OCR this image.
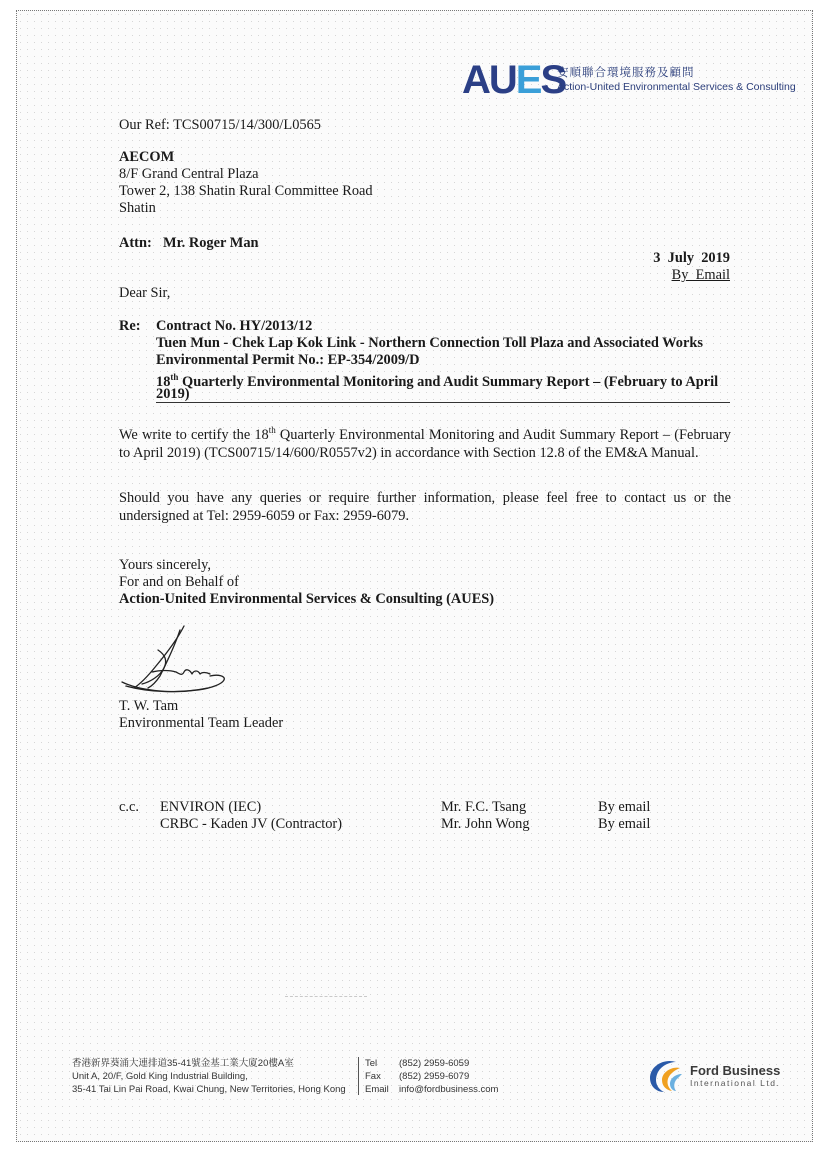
A U E S
安順聯合環境服務及顧問
Action-United Environmental Services & Consulting
Our Ref: TCS00715/14/300/L0565
AECOM
8/F Grand Central Plaza
Tower 2, 138 Shatin Rural Committee Road
Shatin
Attn: Mr. Roger Man
3  July  2019
By  Email
Dear Sir,
Re: Contract No. HY/2013/12
Tuen Mun - Chek Lap Kok Link - Northern Connection Toll Plaza and Associated Works
Environmental Permit No.: EP-354/2009/D
18th Quarterly Environmental Monitoring and Audit Summary Report – (February to April
2019)
We write to certify the 18th Quarterly Environmental Monitoring and Audit Summary Report – (February
to April 2019) (TCS00715/14/600/R0557v2) in accordance with Section 12.8 of the EM&A Manual.
Should you have any queries or require further information, please feel free to contact us or the
undersigned at Tel: 2959-6059 or Fax: 2959-6079.
Yours sincerely,
For and on Behalf of
Action-United Environmental Services & Consulting (AUES)
T. W. Tam
Environmental Team Leader
c.c. ENVIRON (IEC)	Mr. F.C. Tsang	By email
CRBC - Kaden JV (Contractor)	Mr. John Wong	By email
香港新界葵涌大連排道35-41號金基工業大廈20樓A室
Unit A, 20/F, Gold King Industrial Building,
35-41 Tai Lin Pai Road, Kwai Chung, New Territories, Hong Kong
Tel (852) 2959-6059
Fax (852) 2959-6079
Email info@fordbusiness.com
Ford Business
International Ltd.
